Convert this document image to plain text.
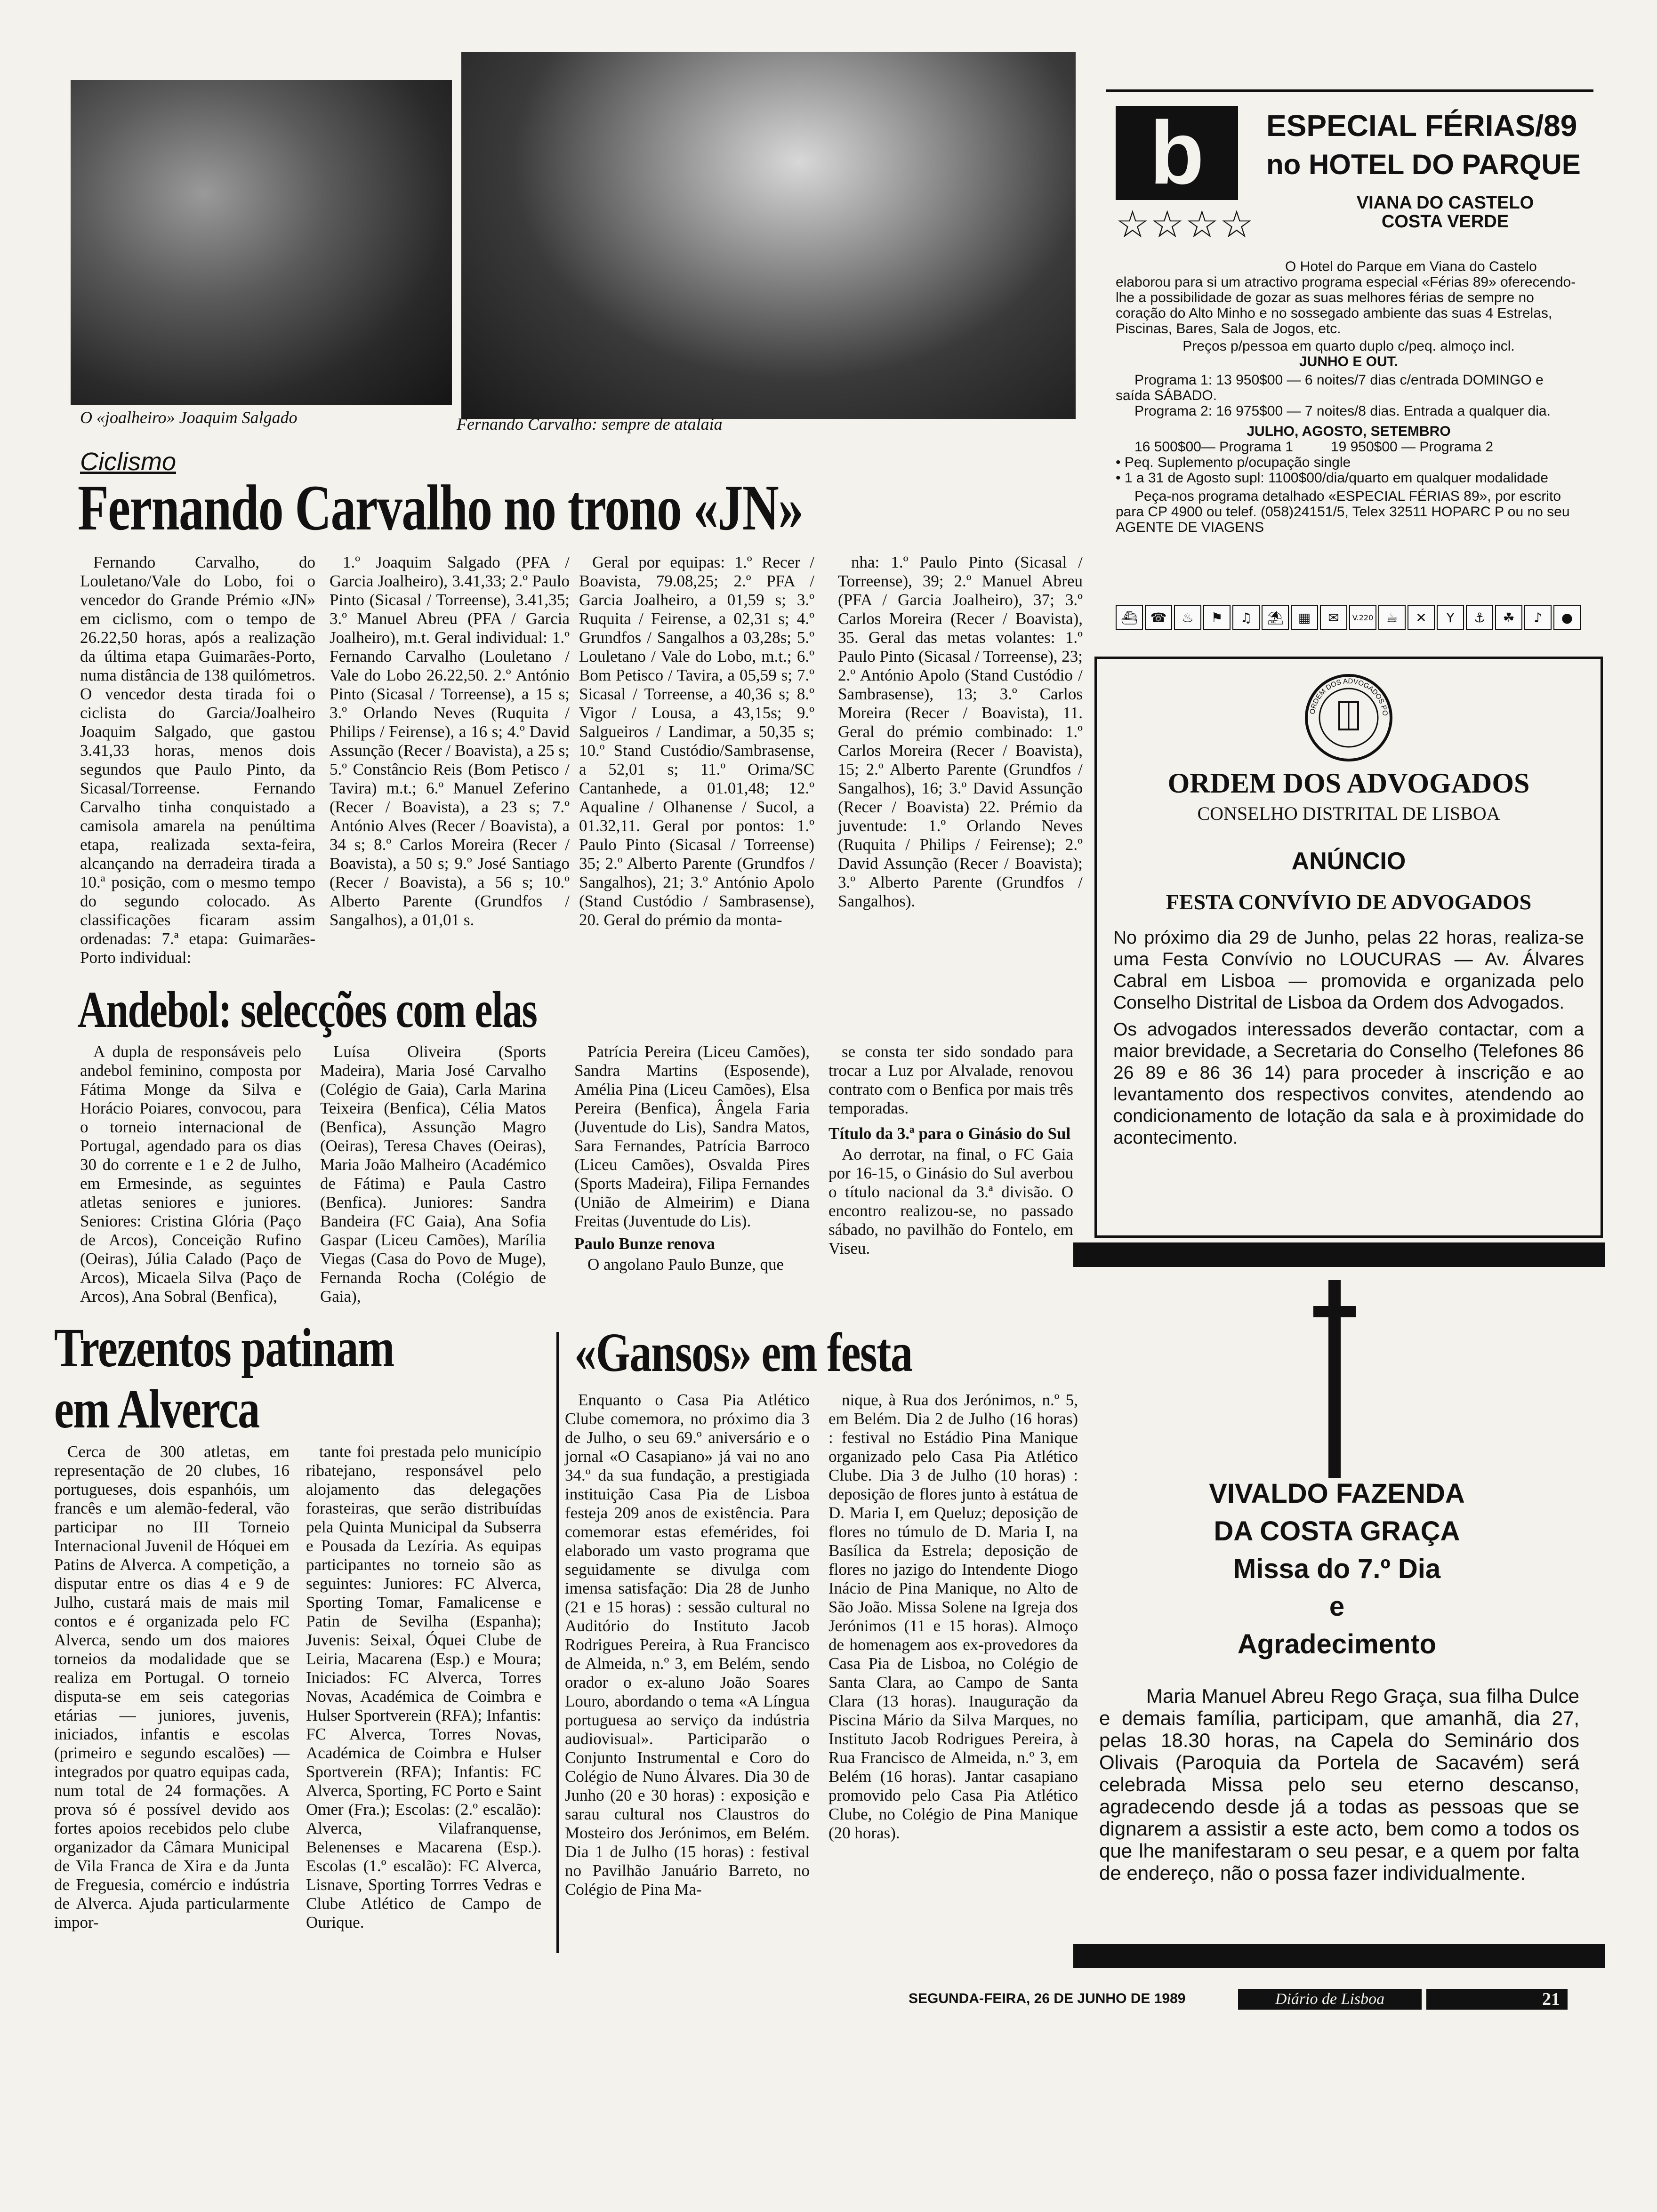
O «joalheiro» Joaquim Salgado	Fernando Carvalho: sempre de atalaia
Ciclismo
Fernando Carvalho no trono «JN»

Fernando Carvalho, do Louletano/Vale do Lobo, foi o vencedor do Grande Prémio «JN» em ciclismo, com o tempo de 26.22,50 horas, após a realização da última etapa Guimarães-Porto, numa distância de 138 quilómetros. O vencedor desta tirada foi o ciclista do Garcia/Joalheiro Joaquim Salgado, que gastou 3.41,33 horas, menos dois segundos que Paulo Pinto, da Sicasal/Torreense. Fernando Carvalho tinha conquistado a camisola amarela na penúltima etapa, realizada sexta-feira, alcançando na derradeira tirada a 10.ª posição, com o mesmo tempo do segundo colocado. As classificações ficaram assim ordenadas: 7.ª etapa: Guimarães-Porto individual:

1.º Joaquim Salgado (PFA / Garcia Joalheiro), 3.41,33; 2.º Paulo Pinto (Sicasal / Torreense), 3.41,35; 3.º Manuel Abreu (PFA / Garcia Joalheiro), m.t. Geral individual: 1.º Fernando Carvalho (Louletano / Vale do Lobo 26.22,50. 2.º António Pinto (Sicasal / Torreense), a 15 s; 3.º Orlando Neves (Ruquita / Philips / Feirense), a 16 s; 4.º David Assunção (Recer / Boavista), a 25 s; 5.º Constâncio Reis (Bom Petisco / Tavira) m.t.; 6.º Manuel Zeferino (Recer / Boavista), a 23 s; 7.º António Alves (Recer / Boavista), a 34 s; 8.º Carlos Moreira (Recer / Boavista), a 50 s; 9.º José Santiago (Recer / Boavista), a 56 s; 10.º Alberto Parente (Grundfos / Sangalhos), a 01,01 s.

Geral por equipas: 1.º Recer / Boavista, 79.08,25; 2.º PFA / Garcia Joalheiro, a 01,59 s; 3.º Ruquita / Feirense, a 02,31 s; 4.º Grundfos / Sangalhos a 03,28s; 5.º Louletano / Vale do Lobo, m.t.; 6.º Bom Petisco / Tavira, a 05,59 s; 7.º Sicasal / Torreense, a 40,36 s; 8.º Vigor / Lousa, a 43,15s; 9.º Salgueiros / Landimar, a 50,35 s; 10.º Stand Custódio/Sambrasense, a 52,01 s; 11.º Orima/SC Cantanhede, a 01.01,48; 12.º Aqualine / Olhanense / Sucol, a 01.32,11. Geral por pontos: 1.º Paulo Pinto (Sicasal / Torreense) 35; 2.º Alberto Parente (Grundfos / Sangalhos), 21; 3.º António Apolo (Stand Custódio / Sambrasense), 20. Geral do prémio da monta-

nha: 1.º Paulo Pinto (Sicasal / Torreense), 39; 2.º Manuel Abreu (PFA / Garcia Joalheiro), 37; 3.º Carlos Moreira (Recer / Boavista), 35. Geral das metas volantes: 1.º Paulo Pinto (Sicasal / Torreense), 23; 2.º António Apolo (Stand Custódio / Sambrasense), 13; 3.º Carlos Moreira (Recer / Boavista), 11. Geral do prémio combinado: 1.º Carlos Moreira (Recer / Boavista), 15; 2.º Alberto Parente (Grundfos / Sangalhos), 16; 3.º David Assunção (Recer / Boavista) 22. Prémio da juventude: 1.º Orlando Neves (Ruquita / Philips / Feirense); 2.º David Assunção (Recer / Boavista); 3.º Alberto Parente (Grundfos / Sangalhos).

Andebol: selecções com elas

A dupla de responsáveis pelo andebol feminino, composta por Fátima Monge da Silva e Horácio Poiares, convocou, para o torneio internacional de Portugal, agendado para os dias 30 do corrente e 1 e 2 de Julho, em Ermesinde, as seguintes atletas seniores e juniores. Seniores: Cristina Glória (Paço de Arcos), Conceição Rufino (Oeiras), Júlia Calado (Paço de Arcos), Micaela Silva (Paço de Arcos), Ana Sobral (Benfica),

Luísa Oliveira (Sports Madeira), Maria José Carvalho (Colégio de Gaia), Carla Marina Teixeira (Benfica), Célia Matos (Benfica), Assunção Magro (Oeiras), Teresa Chaves (Oeiras), Maria João Malheiro (Académico de Fátima) e Paula Castro (Benfica). Juniores: Sandra Bandeira (FC Gaia), Ana Sofia Gaspar (Liceu Camões), Marília Viegas (Casa do Povo de Muge), Fernanda Rocha (Colégio de Gaia),

Patrícia Pereira (Liceu Camões), Sandra Martins (Esposende), Amélia Pina (Liceu Camões), Elsa Pereira (Benfica), Ângela Faria (Juventude do Lis), Sandra Matos, Sara Fernandes, Patrícia Barroco (Liceu Camões), Osvalda Pires (Sports Madeira), Filipa Fernandes (União de Almeirim) e Diana Freitas (Juventude do Lis).

Paulo Bunze renova

O angolano Paulo Bunze, que

se consta ter sido sondado para trocar a Luz por Alvalade, renovou contrato com o Benfica por mais três temporadas.

Título da 3.ª para o Ginásio do Sul

Ao derrotar, na final, o FC Gaia por 16-15, o Ginásio do Sul averbou o título nacional da 3.ª divisão. O encontro realizou-se, no passado sábado, no pavilhão do Fontelo, em Viseu.

Trezentos patinam
em Alverca

Cerca de 300 atletas, em representação de 20 clubes, 16 portugueses, dois espanhóis, um francês e um alemão-federal, vão participar no III Torneio Internacional Juvenil de Hóquei em Patins de Alverca. A competição, a disputar entre os dias 4 e 9 de Julho, custará mais de mais mil contos e é organizada pelo FC Alverca, sendo um dos maiores torneios da modalidade que se realiza em Portugal. O torneio disputa-se em seis categorias etárias — juniores, juvenis, iniciados, infantis e escolas (primeiro e segundo escalões) — integrados por quatro equipas cada, num total de 24 formações. A prova só é possível devido aos fortes apoios recebidos pelo clube organizador da Câmara Municipal de Vila Franca de Xira e da Junta de Freguesia, comércio e indústria de Alverca. Ajuda particularmente impor-

tante foi prestada pelo município ribatejano, responsável pelo alojamento das delegações forasteiras, que serão distribuídas pela Quinta Municipal da Subserra e Pousada da Lezíria. As equipas participantes no torneio são as seguintes: Juniores: FC Alverca, Sporting Tomar, Famalicense e Patin de Sevilha (Espanha); Juvenis: Seixal, Óquei Clube de Leiria, Macarena (Esp.) e Moura; Iniciados: FC Alverca, Torres Novas, Académica de Coimbra e Hulser Sportverein (RFA); Infantis: FC Alverca, Torres Novas, Académica de Coimbra e Hulser Sportverein (RFA); Infantis: FC Alverca, Sporting, FC Porto e Saint Omer (Fra.); Escolas: (2.º escalão): Alverca, Vilafranquense, Belenenses e Macarena (Esp.). Escolas (1.º escalão): FC Alverca, Lisnave, Sporting Torrres Vedras e Clube Atlético de Campo de Ourique.

«Gansos» em festa

Enquanto o Casa Pia Atlético Clube comemora, no próximo dia 3 de Julho, o seu 69.º aniversário e o jornal «O Casapiano» já vai no ano 34.º da sua fundação, a prestigiada instituição Casa Pia de Lisboa festeja 209 anos de existência. Para comemorar estas efemérides, foi elaborado um vasto programa que seguidamente se divulga com imensa satisfação: Dia 28 de Junho (21 e 15 horas) : sessão cultural no Auditório do Instituto Jacob Rodrigues Pereira, à Rua Francisco de Almeida, n.º 3, em Belém, sendo orador o ex-aluno João Soares Louro, abordando o tema «A Língua portuguesa ao serviço da indústria audiovisual». Participarão o Conjunto Instrumental e Coro do Colégio de Nuno Álvares. Dia 30 de Junho (20 e 30 horas) : exposição e sarau cultural nos Claustros do Mosteiro dos Jerónimos, em Belém. Dia 1 de Julho (15 horas) : festival no Pavilhão Januário Barreto, no Colégio de Pina Ma-

nique, à Rua dos Jerónimos, n.º 5, em Belém. Dia 2 de Julho (16 horas) : festival no Estádio Pina Manique organizado pelo Casa Pia Atlético Clube. Dia 3 de Julho (10 horas) : deposição de flores junto à estátua de D. Maria I, em Queluz; deposição de flores no túmulo de D. Maria I, na Basílica da Estrela; deposição de flores no jazigo do Intendente Diogo Inácio de Pina Manique, no Alto de São João. Missa Solene na Igreja dos Jerónimos (11 e 15 horas). Almoço de homenagem aos ex-provedores da Casa Pia de Lisboa, no Colégio de Santa Clara, ao Campo de Santa Clara (13 horas). Inauguração da Piscina Mário da Silva Marques, no Instituto Jacob Rodrigues Pereira, à Rua Francisco de Almeida, n.º 3, em Belém (16 horas). Jantar casapiano promovido pelo Casa Pia Atlético Clube, no Colégio de Pina Manique (20 horas).

b	ESPECIAL FÉRIAS/89
no HOTEL DO PARQUE
☆☆☆☆	VIANA DO CASTELO
COSTA VERDE
O Hotel do Parque em Viana do Castelo elaborou para si um atractivo programa especial «Férias 89» oferecendo-lhe a possibilidade de gozar as suas melhores férias de sempre no coração do Alto Minho e no sossegado ambiente das suas 4 Estrelas, Piscinas, Bares, Sala de Jogos, etc.
Preços p/pessoa em quarto duplo c/peq. almoço incl.
JUNHO E OUT.
Programa 1: 13 950$00 — 6 noites/7 dias c/entrada DOMINGO e saída SÁBADO.
Programa 2: 16 975$00 — 7 noites/8 dias. Entrada a qualquer dia.
JULHO, AGOSTO, SETEMBRO
16 500$00— Programa 1	19 950$00 — Programa 2
• Peq. Suplemento p/ocupação single
• 1 a 31 de Agosto supl: 1100$00/dia/quarto em qualquer modalidade
Peça-nos programa detalhado «ESPECIAL FÉRIAS 89», por escrito para CP 4900 ou telef. (058)24151/5, Telex 32511 HOPARC P ou no seu AGENTE DE VIAGENS
⛴ ☎	♨	⚑	♫	⛱	▦	✉	V.220 ☕	✕	Y	⚓	☘	♪	●
ORDEM DOS ADVOGADOS PO
ORDEM DOS ADVOGADOS
CONSELHO DISTRITAL DE LISBOA
ANÚNCIO
FESTA CONVÍVIO DE ADVOGADOS
No próximo dia 29 de Junho, pelas 22 horas, realiza-se uma Festa Convívio no LOUCURAS — Av. Álvares Cabral em Lisboa — promovida e organizada pelo Conselho Distrital de Lisboa da Ordem dos Advogados.
Os advogados interessados deverão contactar, com a maior brevidade, a Secretaria do Conselho (Telefones 86 26 89 e 86 36 14) para proceder à inscrição e ao levantamento dos respectivos convites, atendendo ao condicionamento de lotação da sala e à proximidade do acontecimento.
VIVALDO FAZENDA
DA COSTA GRAÇA
Missa do 7.º Dia
e
Agradecimento
Maria Manuel Abreu Rego Graça, sua filha Dulce e demais família, participam, que amanhã, dia 27, pelas 18.30 horas, na Capela do Seminário dos Olivais (Paroquia da Portela de Sacavém) será celebrada Missa pelo seu eterno descanso, agradecendo desde já a todas as pessoas que se dignarem a assistir a este acto, bem como a todos os que lhe manifestaram o seu pesar, e a quem por falta de endereço, não o possa fazer individualmente.
SEGUNDA-FEIRA, 26 DE JUNHO DE 1989	Diário de Lisboa	21
